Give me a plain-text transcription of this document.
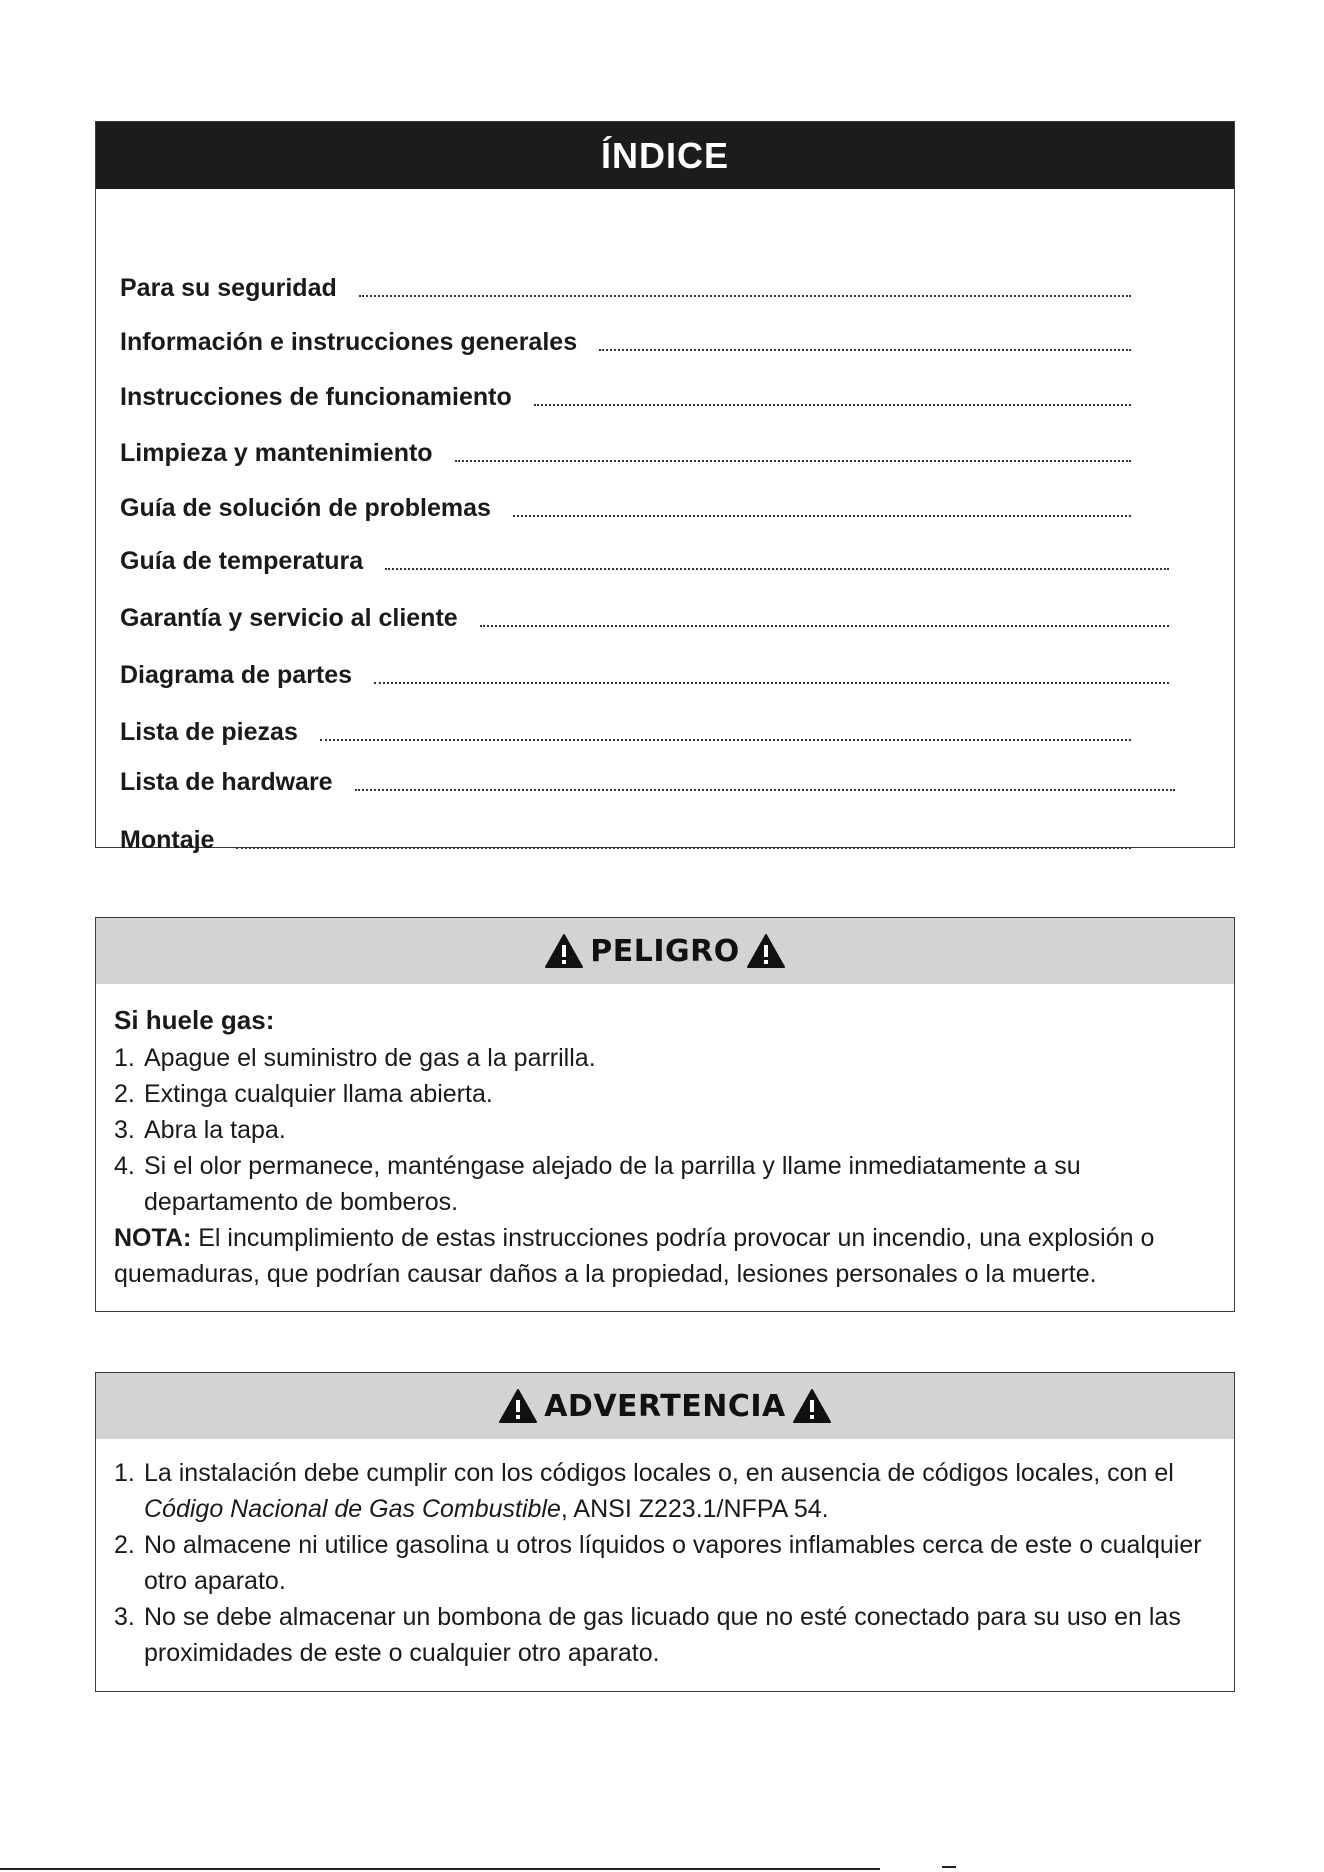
ÍNDICE
Para su seguridad
Información e instrucciones generales
Instrucciones de funcionamiento
Limpieza y mantenimiento
Guía de solución de problemas
Guía de temperatura
Garantía y servicio al cliente
Diagrama de partes
Lista de piezas
Lista de hardware
Montaje
PELIGRO
Si huele gas:
1. Apague el suministro de gas a la parrilla.
2. Extinga cualquier llama abierta.
3. Abra la tapa.
4. Si el olor permanece, manténgase alejado de la parrilla y llame inmediatamente a su departamento de bomberos.
NOTA: El incumplimiento de estas instrucciones podría provocar un incendio, una explosión o quemaduras, que podrían causar daños a la propiedad, lesiones personales o la muerte.
ADVERTENCIA
1. La instalación debe cumplir con los códigos locales o, en ausencia de códigos locales, con el Código Nacional de Gas Combustible, ANSI Z223.1/NFPA 54.
2. No almacene ni utilice gasolina u otros líquidos o vapores inflamables cerca de este o cualquier otro aparato.
3. No se debe almacenar un bombona de gas licuado que no esté conectado para su uso en las proximidades de este o cualquier otro aparato.
